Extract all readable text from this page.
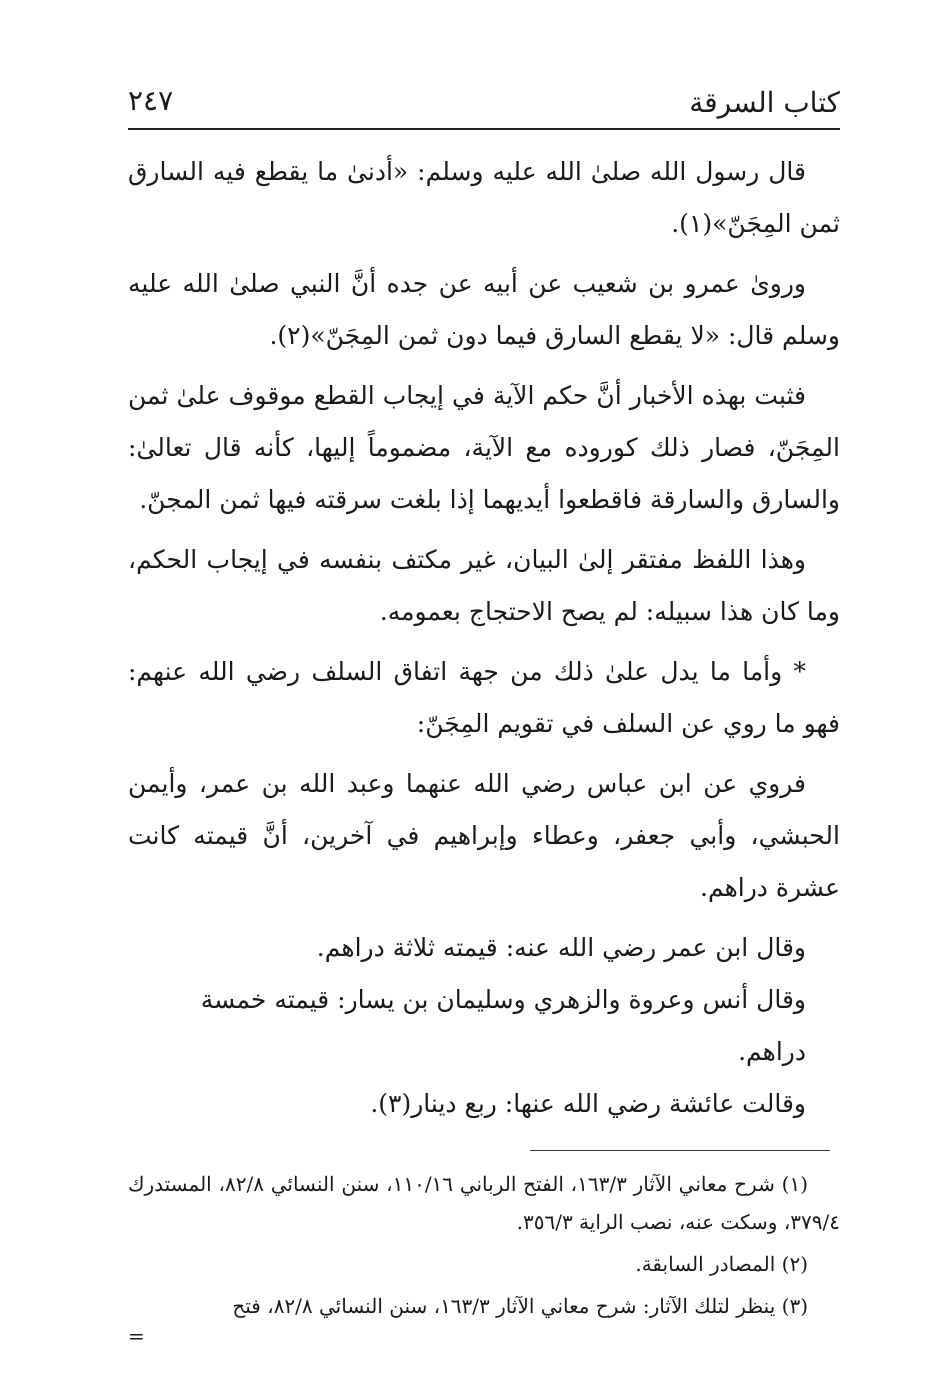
كتاب السرقة
٢٤٧

قال رسول الله صلىٰ الله عليه وسلم: «أدنىٰ ما يقطع فيه السارق ثمن المِجَنّ»(١).

ورویٰ عمرو بن شعيب عن أبيه عن جده أنَّ النبي صلىٰ الله عليه وسلم قال: «لا يقطع السارق فيما دون ثمن المِجَنّ»(٢).

فثبت بهذه الأخبار أنَّ حكم الآية في إيجاب القطع موقوف علىٰ ثمن المِجَنّ، فصار ذلك كوروده مع الآية، مضموماً إليها، كأنه قال تعالىٰ: والسارق والسارقة فاقطعوا أيديهما إذا بلغت سرقته فيها ثمن المجنّ.

وهذا اللفظ مفتقر إلىٰ البيان، غير مكتف بنفسه في إيجاب الحكم، وما كان هذا سبيله: لم يصح الاحتجاج بعمومه.

* وأما ما يدل علىٰ ذلك من جهة اتفاق السلف رضي الله عنهم: فهو ما روي عن السلف في تقويم المِجَنّ:

فروي عن ابن عباس رضي الله عنهما وعبد الله بن عمر، وأيمن الحبشي، وأبي جعفر، وعطاء وإبراهيم في آخرين، أنَّ قيمته كانت عشرة دراهم.

وقال ابن عمر رضي الله عنه: قيمته ثلاثة دراهم.

وقال أنس وعروة والزهري وسليمان بن يسار: قيمته خمسة دراهم.

وقالت عائشة رضي الله عنها: ربع دينار(٣).

(١) شرح معاني الآثار ١٦٣/٣، الفتح الرباني ١١٠/١٦، سنن النسائي ٨٢/٨، المستدرك ٣٧٩/٤، وسكت عنه، نصب الراية ٣٥٦/٣.

(٢) المصادر السابقة.

(٣) ينظر لتلك الآثار: شرح معاني الآثار ١٦٣/٣، سنن النسائي ٨٢/٨، فتح

=
